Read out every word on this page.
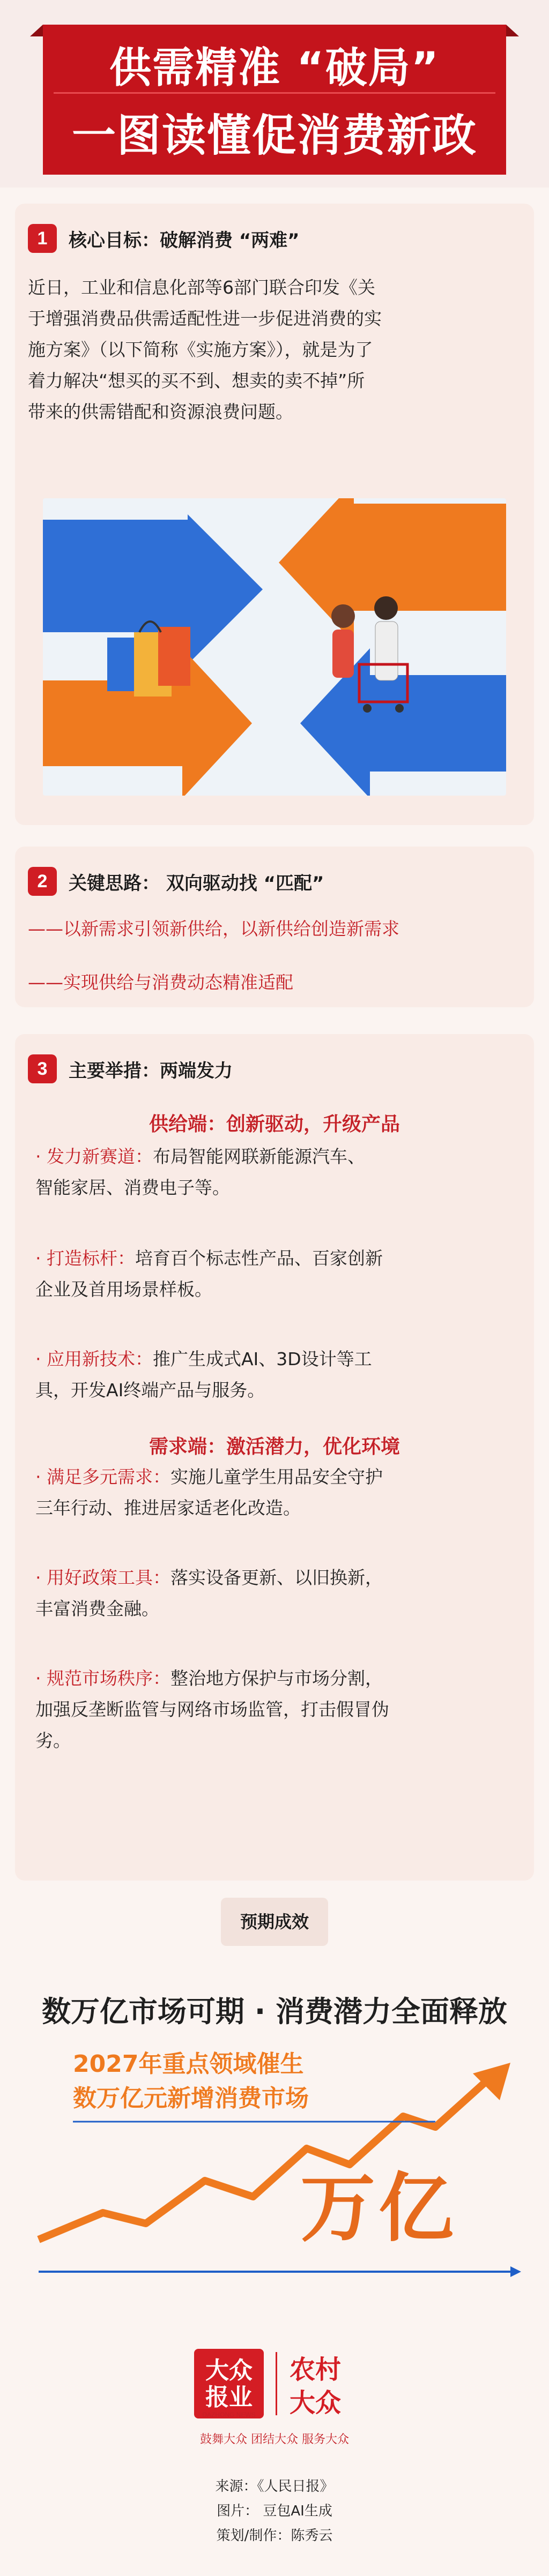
供需精准 “破局”
一图读懂促消费新政
1	核心目标：破解消费 “两难”
近日，工业和信息化部等6部门联合印发《关
于增强消费品供需适配性进一步促进消费的实
施方案》（以下简称《实施方案》），就是为了
着力解决“想买的买不到、想卖的卖不掉”所
带来的供需错配和资源浪费问题。
2	关键思路： 双向驱动找 “匹配”
——以新需求引领新供给，以新供给创造新需求
——实现供给与消费动态精准适配
3	主要举措：两端发力
供给端：创新驱动，升级产品
· 发力新赛道：布局智能网联新能源汽车、
智能家居、消费电子等。
· 打造标杆：培育百个标志性产品、百家创新
企业及首用场景样板。
· 应用新技术：推广生成式AI、3D设计等工
具，开发AI终端产品与服务。
需求端：激活潜力，优化环境
· 满足多元需求：实施儿童学生用品安全守护
三年行动、推进居家适老化改造。
· 用好政策工具：落实设备更新、以旧换新，
丰富消费金融。
· 规范市场秩序：整治地方保护与市场分割，
加强反垄断监管与网络市场监管，打击假冒伪
劣。
预期成效
数万亿市场可期 · 消费潜力全面释放
2027年重点领域催生
数万亿元新增消费市场
万亿
大众
报业
DAZHONG NEWS
农村
大众
鼓舞大众 团结大众 服务大众
来源：《人民日报》
图片： 豆包AI生成
策划/制作：陈秀云
